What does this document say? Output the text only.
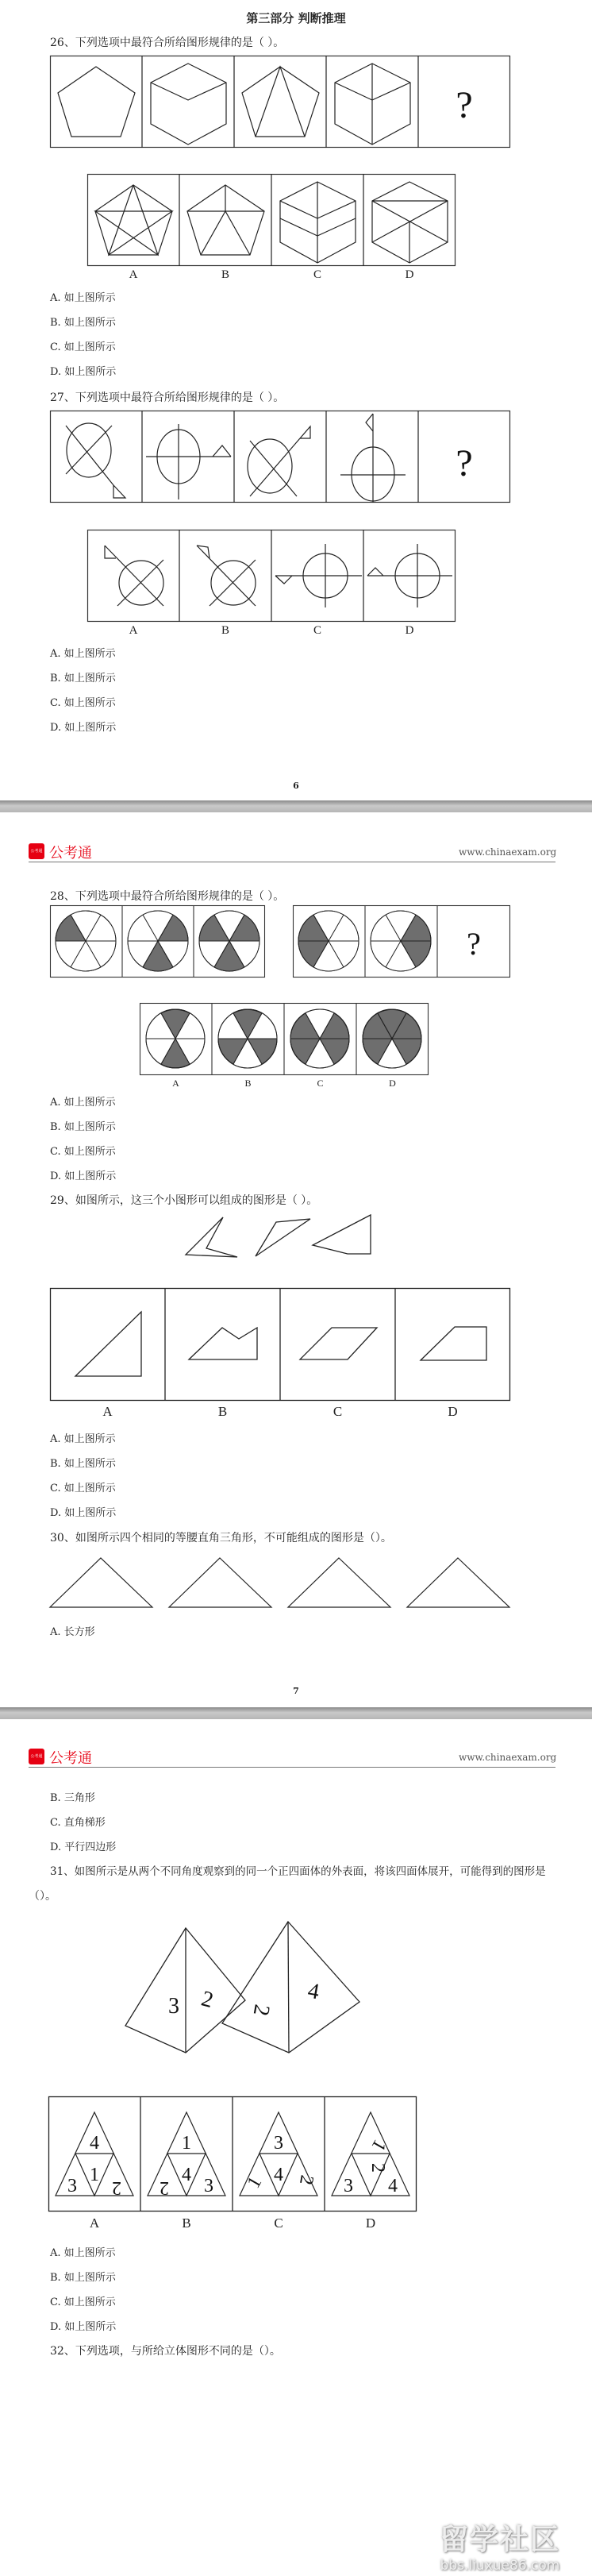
第三部分 判断推理
26、下列选项中最符合所给图形规律的是（ ）。
?
A	B	C	D
A. 如上图所示
B. 如上图所示
C. 如上图所示
D. 如上图所示
27、下列选项中最符合所给图形规律的是（ ）。
?
A	B	C	D
A. 如上图所示
B. 如上图所示
C. 如上图所示
D. 如上图所示
6
公考通 公考通	www.chinaexam.org
28、下列选项中最符合所给图形规律的是（ ）。
?
A	B	C	D
A. 如上图所示
B. 如上图所示
C. 如上图所示
D. 如上图所示
29、如图所示，这三个小图形可以组成的图形是（ ）。
A	B	C	D
A. 如上图所示
B. 如上图所示
C. 如上图所示
D. 如上图所示
30、如图所示四个相同的等腰直角三角形，不可能组成的图形是（）。
A. 长方形
7
公考通 公考通	www.chinaexam.org
B. 三角形
C. 直角梯形
D. 平行四边形
31、如图所示是从两个不同角度观察到的同一个正四面体的外表面，将该四面体展开，可能得到的图形是
（）。
3 2 2
4
4
1
3 2
1
4
2 3
3
4
1 2
1
2
3 4
A	B	C	D
A. 如上图所示
B. 如上图所示
C. 如上图所示
D. 如上图所示
32、下列选项，与所给立体图形不同的是（）。
留学社区
bbs.liuxue86.com
